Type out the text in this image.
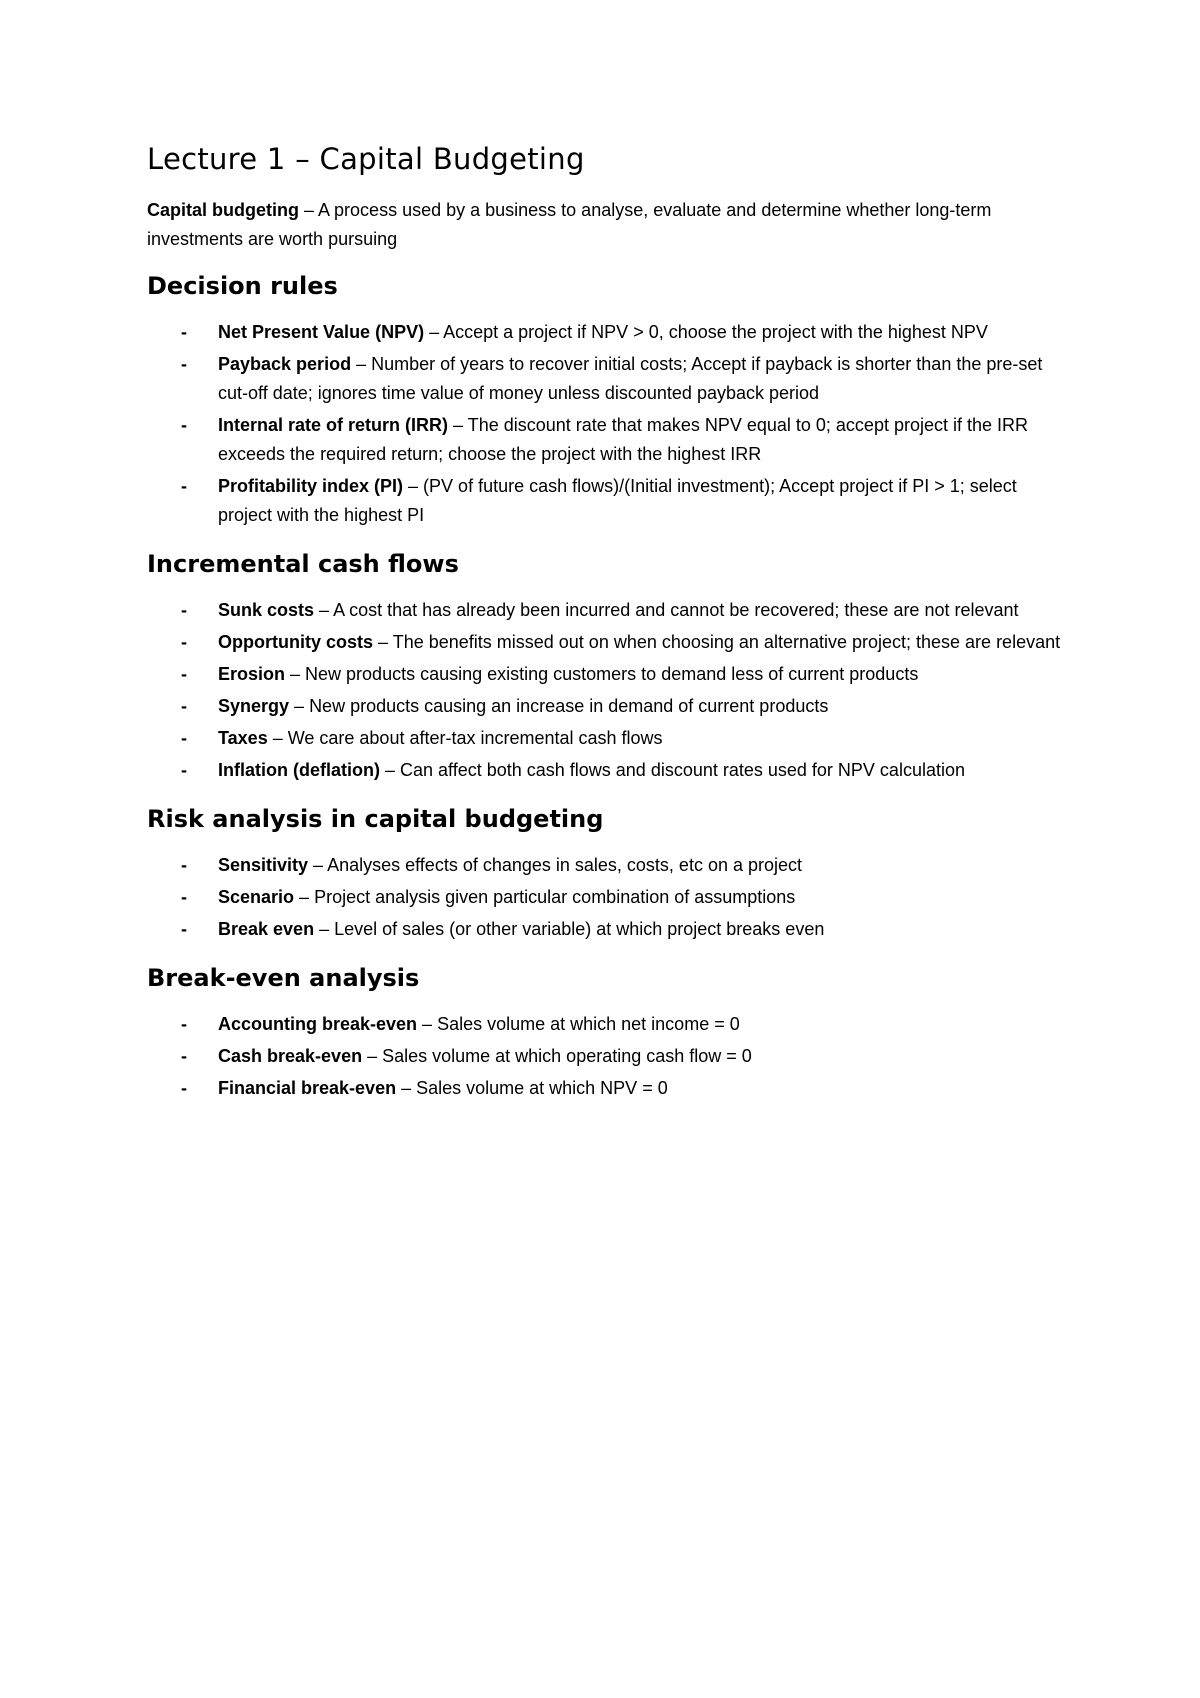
Lecture 1 – Capital Budgeting

Capital budgeting – A process used by a business to analyse, evaluate and determine whether long-term investments are worth pursuing

Decision rules
- Net Present Value (NPV) – Accept a project if NPV > 0, choose the project with the highest NPV
- Payback period – Number of years to recover initial costs; Accept if payback is shorter than the pre-set cut-off date; ignores time value of money unless discounted payback period
- Internal rate of return (IRR) – The discount rate that makes NPV equal to 0; accept project if the IRR exceeds the required return; choose the project with the highest IRR
- Profitability index (PI) – (PV of future cash flows)/(Initial investment); Accept project if PI > 1; select project with the highest PI
Incremental cash flows
- Sunk costs – A cost that has already been incurred and cannot be recovered; these are not relevant
- Opportunity costs – The benefits missed out on when choosing an alternative project; these are relevant
- Erosion – New products causing existing customers to demand less of current products
- Synergy – New products causing an increase in demand of current products
- Taxes – We care about after-tax incremental cash flows
- Inflation (deflation) – Can affect both cash flows and discount rates used for NPV calculation
Risk analysis in capital budgeting
- Sensitivity – Analyses effects of changes in sales, costs, etc on a project
- Scenario – Project analysis given particular combination of assumptions
- Break even – Level of sales (or other variable) at which project breaks even
Break-even analysis
- Accounting break-even – Sales volume at which net income = 0
- Cash break-even – Sales volume at which operating cash flow = 0
- Financial break-even – Sales volume at which NPV = 0
